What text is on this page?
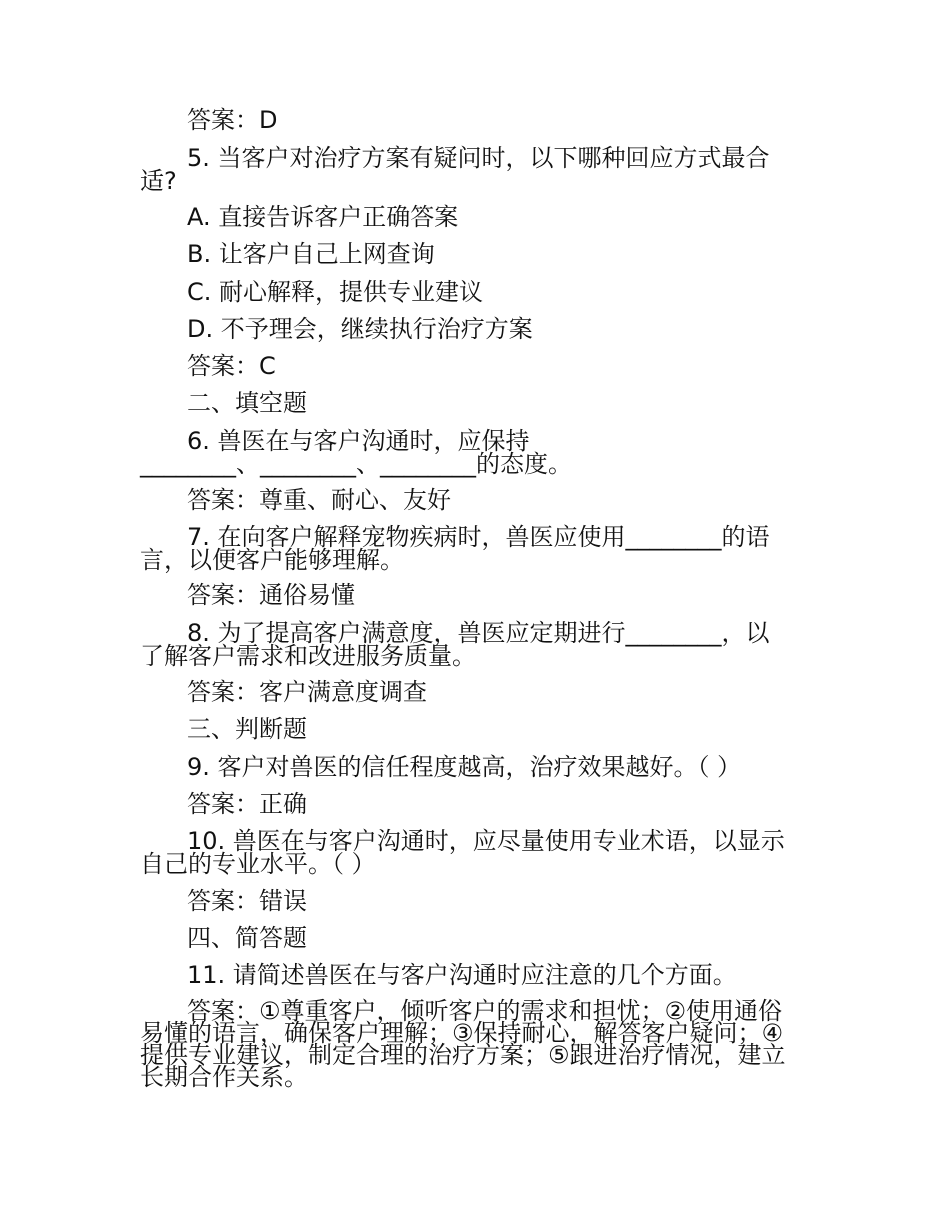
答案：D

5. 当客户对治疗方案有疑问时，以下哪种回应方式最合

适?

A. 直接告诉客户正确答案

B. 让客户自己上网查询

C. 耐心解释，提供专业建议

D. 不予理会，继续执行治疗方案

答案：C

二、填空题

6. 兽医在与客户沟通时，应保持

________、________、________的态度。

答案：尊重、耐心、友好

7. 在向客户解释宠物疾病时，兽医应使用________的语

言，以便客户能够理解。

答案：通俗易懂

8. 为了提高客户满意度，兽医应定期进行________，以

了解客户需求和改进服务质量。

答案：客户满意度调查

三、判断题

9. 客户对兽医的信任程度越高，治疗效果越好。（ ）

答案：正确

10. 兽医在与客户沟通时，应尽量使用专业术语，以显示

自己的专业水平。（ ）

答案：错误

四、简答题

11. 请简述兽医在与客户沟通时应注意的几个方面。

答案：①尊重客户，倾听客户的需求和担忧；②使用通俗

易懂的语言，确保客户理解；③保持耐心，解答客户疑问；④

提供专业建议，制定合理的治疗方案；⑤跟进治疗情况，建立

长期合作关系。
